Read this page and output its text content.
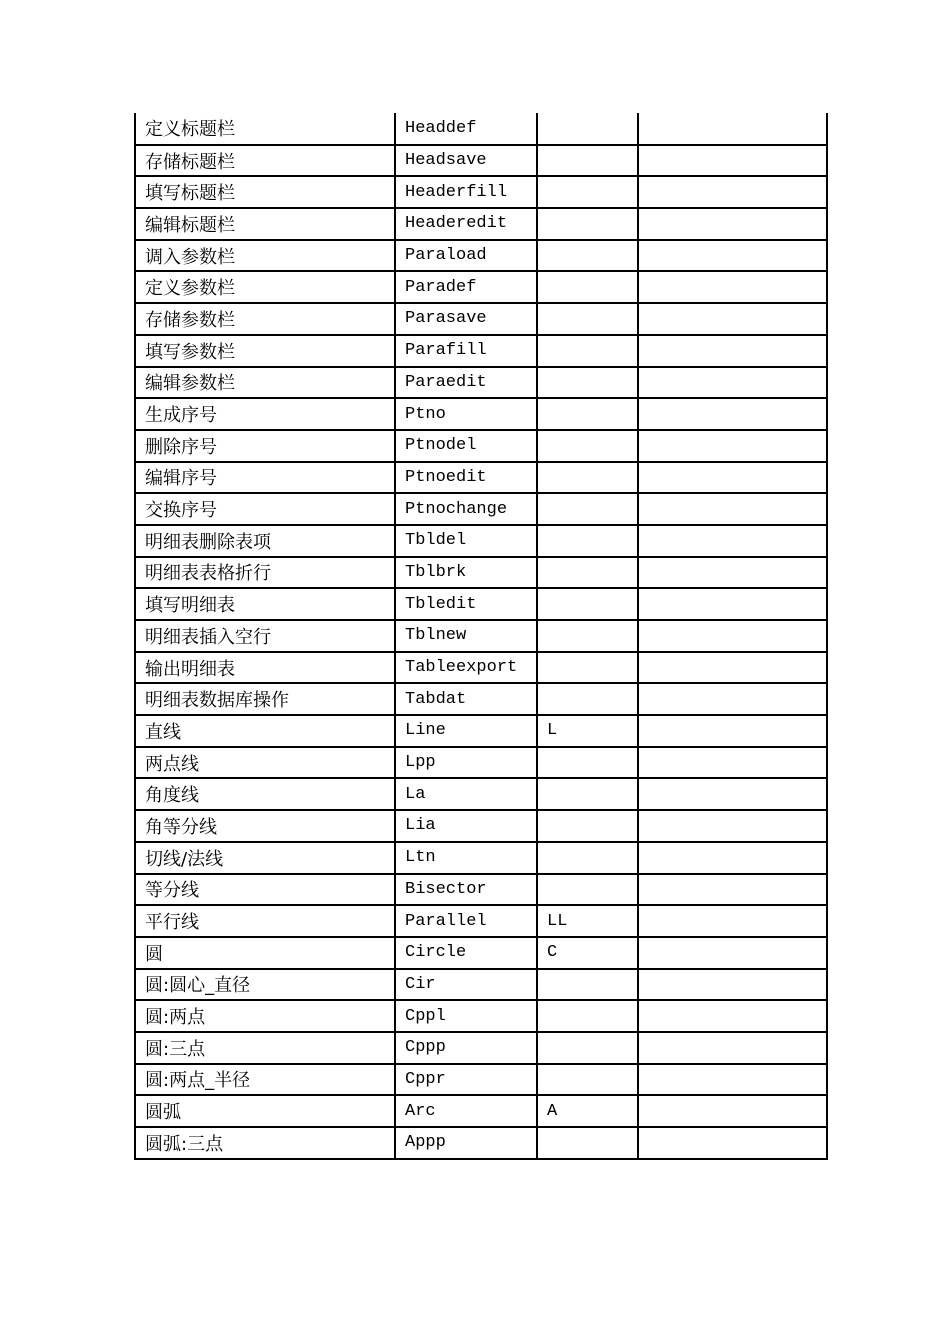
定义标题栏	Headdef		
存储标题栏	Headsave		
填写标题栏	Headerfill		
编辑标题栏	Headeredit		
调入参数栏	Paraload		
定义参数栏	Paradef		
存储参数栏	Parasave		
填写参数栏	Parafill		
编辑参数栏	Paraedit		
生成序号	Ptno		
删除序号	Ptnodel		
编辑序号	Ptnoedit		
交换序号	Ptnochange		
明细表删除表项	Tbldel		
明细表表格折行	Tblbrk		
填写明细表	Tbledit		
明细表插入空行	Tblnew		
输出明细表	Tableexport		
明细表数据库操作	Tabdat		
直线	Line	L	
两点线	Lpp		
角度线	La		
角等分线	Lia		
切线/法线	Ltn		
等分线	Bisector		
平行线	Parallel	LL	
圆	Circle	C	
圆:圆心_直径	Cir		
圆:两点	Cppl		
圆:三点	Cppp		
圆:两点_半径	Cppr		
圆弧	Arc	A	
圆弧:三点	Appp		
